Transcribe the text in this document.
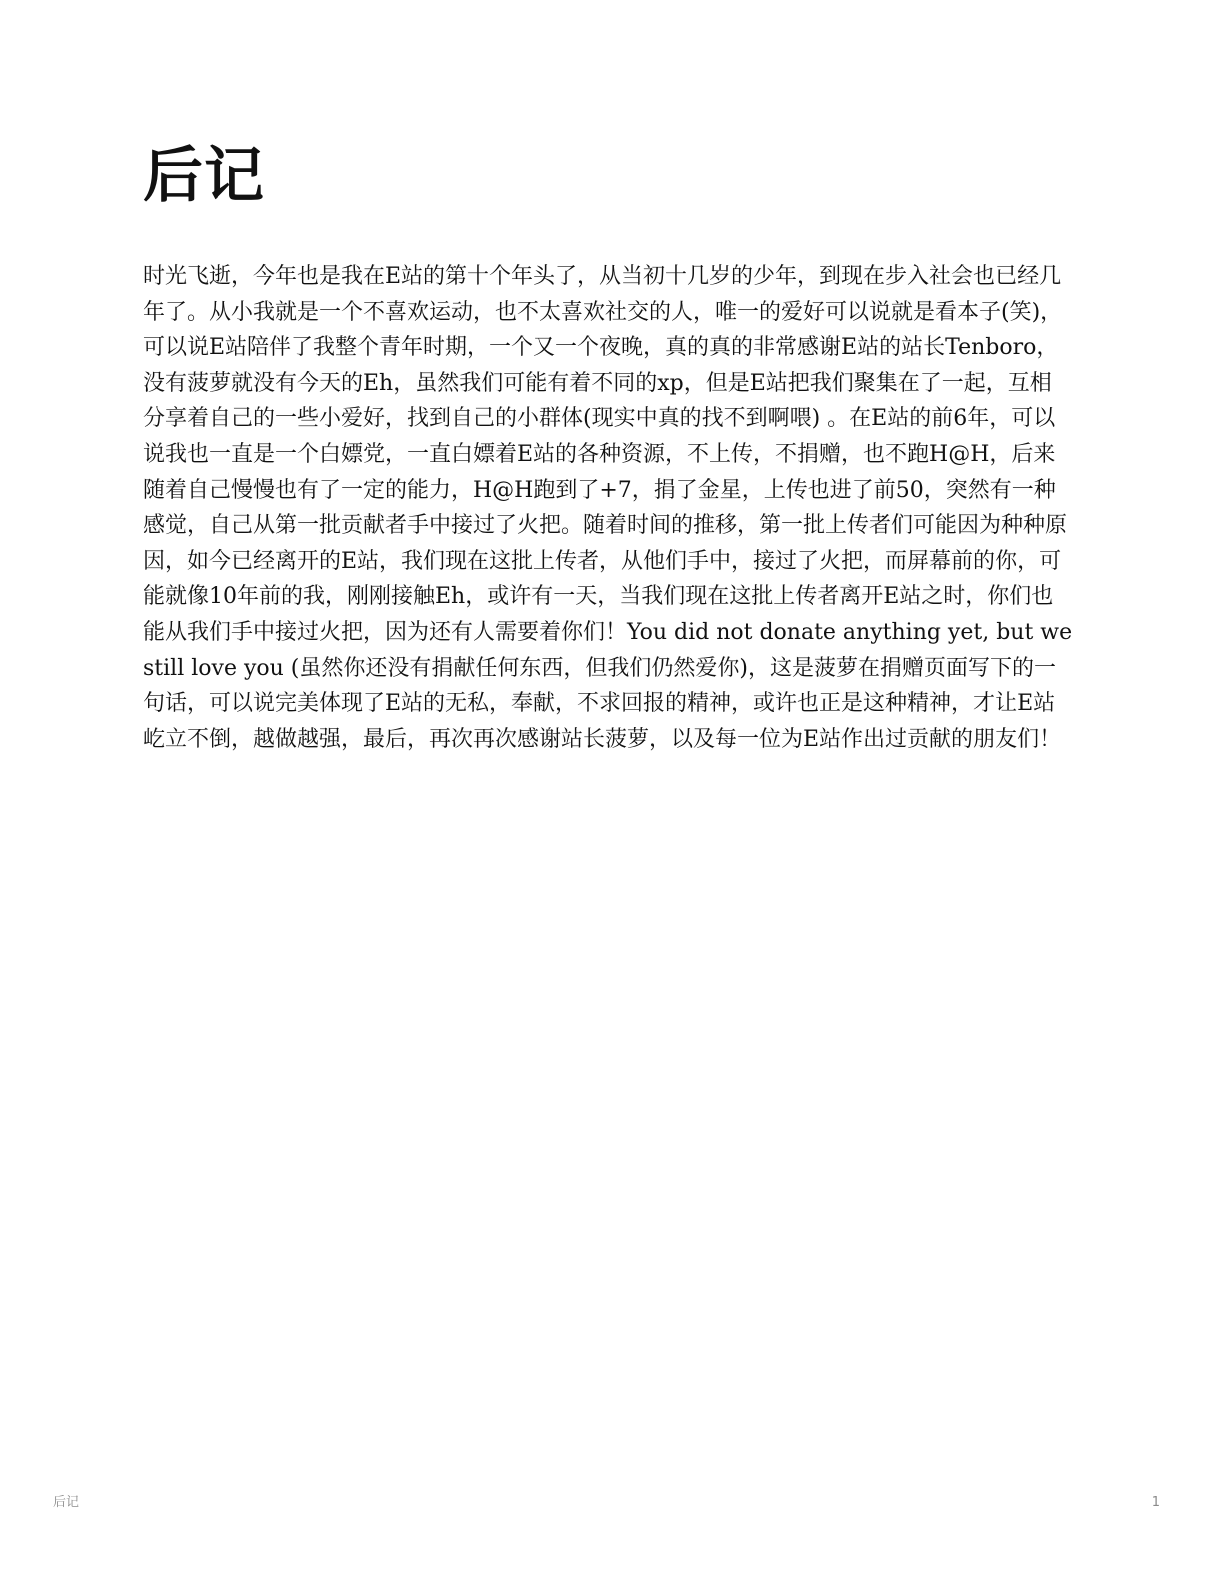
后记

时光飞逝，今年也是我在E站的第十个年头了，从当初十几岁的少年，到现在步入社会也已经几年了。从小我就是一个不喜欢运动，也不太喜欢社交的人，唯一的爱好可以说就是看本子(笑)，可以说E站陪伴了我整个青年时期，一个又一个夜晚，真的真的非常感谢E站的站长Tenboro， 没有菠萝就没有今天的Eh，虽然我们可能有着不同的xp，但是E站把我们聚集在了一起，互相分享着自己的一些小爱好，找到自己的小群体(现实中真的找不到啊喂) 。在E站的前6年，可以说我也一直是一个白嫖党，一直白嫖着E站的各种资源，不上传，不捐赠，也不跑H@H，后来随着自己慢慢也有了一定的能力，H@H跑到了+7，捐了金星，上传也进了前50，突然有一种感觉，自己从第一批贡献者手中接过了火把。随着时间的推移，第一批上传者们可能因为种种原因，如今已经离开的E站，我们现在这批上传者，从他们手中，接过了火把，而屏幕前的你，可能就像10年前的我，刚刚接触Eh，或许有一天，当我们现在这批上传者离开E站之时，你们也能从我们手中接过火把，因为还有人需要着你们！You did not donate anything yet, but we still love you (虽然你还没有捐献任何东西，但我们仍然爱你)，这是菠萝在捐赠页面写下的一句话，可以说完美体现了E站的无私，奉献，不求回报的精神，或许也正是这种精神，才让E站屹立不倒，越做越强，最后，再次再次感谢站长菠萝，以及每一位为E站作出过贡献的朋友们！

后记	1
